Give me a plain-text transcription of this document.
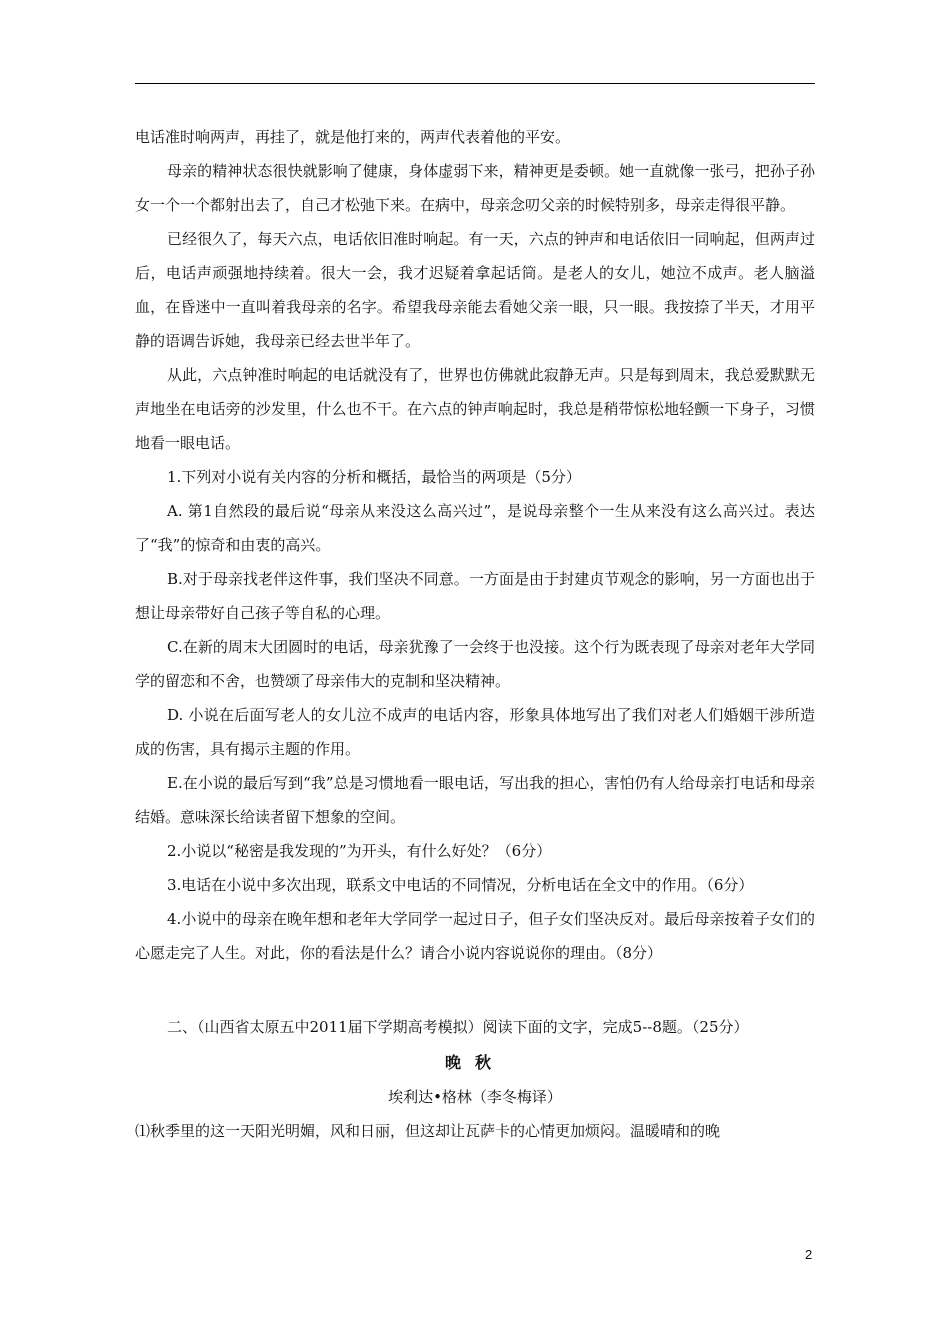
电话准时响两声，再挂了，就是他打来的，两声代表着他的平安。

母亲的精神状态很快就影响了健康，身体虚弱下来，精神更是委顿。她一直就像一张弓，把孙子孙女一个一个都射出去了，自己才松弛下来。在病中，母亲念叨父亲的时候特别多，母亲走得很平静。

已经很久了，每天六点，电话依旧准时响起。有一天，六点的钟声和电话依旧一同响起，但两声过后，电话声顽强地持续着。很大一会，我才迟疑着拿起话筒。是老人的女儿，她泣不成声。老人脑溢血，在昏迷中一直叫着我母亲的名字。希望我母亲能去看她父亲一眼，只一眼。我按捺了半天，才用平静的语调告诉她，我母亲已经去世半年了。

从此，六点钟准时响起的电话就没有了，世界也仿佛就此寂静无声。只是每到周末，我总爱默默无声地坐在电话旁的沙发里，什么也不干。在六点的钟声响起时，我总是稍带惊松地轻颤一下身子，习惯地看一眼电话。

1.下列对小说有关内容的分析和概括，最恰当的两项是（5分）

A. 第1自然段的最后说“母亲从来没这么高兴过”，是说母亲整个一生从来没有这么高兴过。表达了“我”的惊奇和由衷的高兴。

B.对于母亲找老伴这件事，我们坚决不同意。一方面是由于封建贞节观念的影响，另一方面也出于想让母亲带好自己孩子等自私的心理。

C.在新的周末大团圆时的电话，母亲犹豫了一会终于也没接。这个行为既表现了母亲对老年大学同学的留恋和不舍，也赞颂了母亲伟大的克制和坚决精神。

D. 小说在后面写老人的女儿泣不成声的电话内容，形象具体地写出了我们对老人们婚姻干涉所造成的伤害，具有揭示主题的作用。

E.在小说的最后写到“我”总是习惯地看一眼电话，写出我的担心，害怕仍有人给母亲打电话和母亲结婚。意味深长给读者留下想象的空间。

2.小说以“秘密是我发现的”为开头，有什么好处？（6分）

3.电话在小说中多次出现，联系文中电话的不同情况，分析电话在全文中的作用。（6分）

4.小说中的母亲在晚年想和老年大学同学一起过日子，但子女们坚决反对。最后母亲按着子女们的心愿走完了人生。对此，你的看法是什么？请合小说内容说说你的理由。（8分）

二、（山西省太原五中2011届下学期高考模拟）阅读下面的文字，完成5--8题。（25分）

晚秋

埃利达•格林（李冬梅译）

⑴秋季里的这一天阳光明媚，风和日丽，但这却让瓦萨卡的心情更加烦闷。温暖晴和的晚

2
